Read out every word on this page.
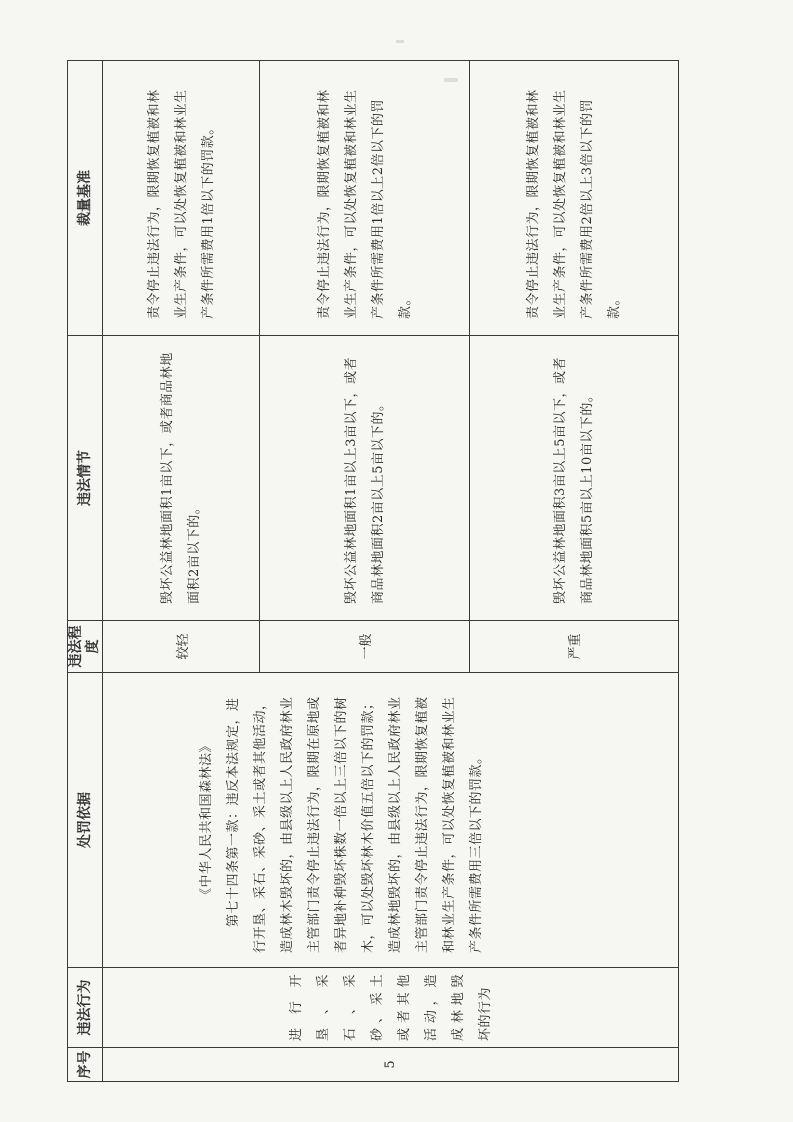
序号	违法行为	处罚依据	违法程度	违法情节	裁量基准
5	进行开垦、采石、采砂、采土或者其他活动，造成林地毁坏的行为	《中华人民共和国森林法》 第七十四条第一款：违反本法规定，进行开垦、采石、采砂、采土或者其他活动，造成林木毁坏的，由县级以上人民政府林业主管部门责令停止违法行为，限期在原地或者异地补种毁坏株数一倍以上三倍以下的树木，可以处毁坏林木价值五倍以下的罚款；造成林地毁坏的，由县级以上人民政府林业主管部门责令停止违法行为，限期恢复植被和林业生产条件，可以处恢复植被和林业生产条件所需费用三倍以下的罚款。	较轻	毁坏公益林地面积1亩以下，或者商品林地面积2亩以下的。	责令停止违法行为，限期恢复植被和林业生产条件，可以处恢复植被和林业生产条件所需费用1倍以下的罚款。
			一般	毁坏公益林地面积1亩以上3亩以下，或者商品林地面积2亩以上5亩以下的。	责令停止违法行为，限期恢复植被和林业生产条件，可以处恢复植被和林业生产条件所需费用1倍以上2倍以下的罚款。
			严重	毁坏公益林地面积3亩以上5亩以下，或者商品林地面积5亩以上10亩以下的。	责令停止违法行为，限期恢复植被和林业生产条件，可以处恢复植被和林业生产条件所需费用2倍以上3倍以下的罚款。
